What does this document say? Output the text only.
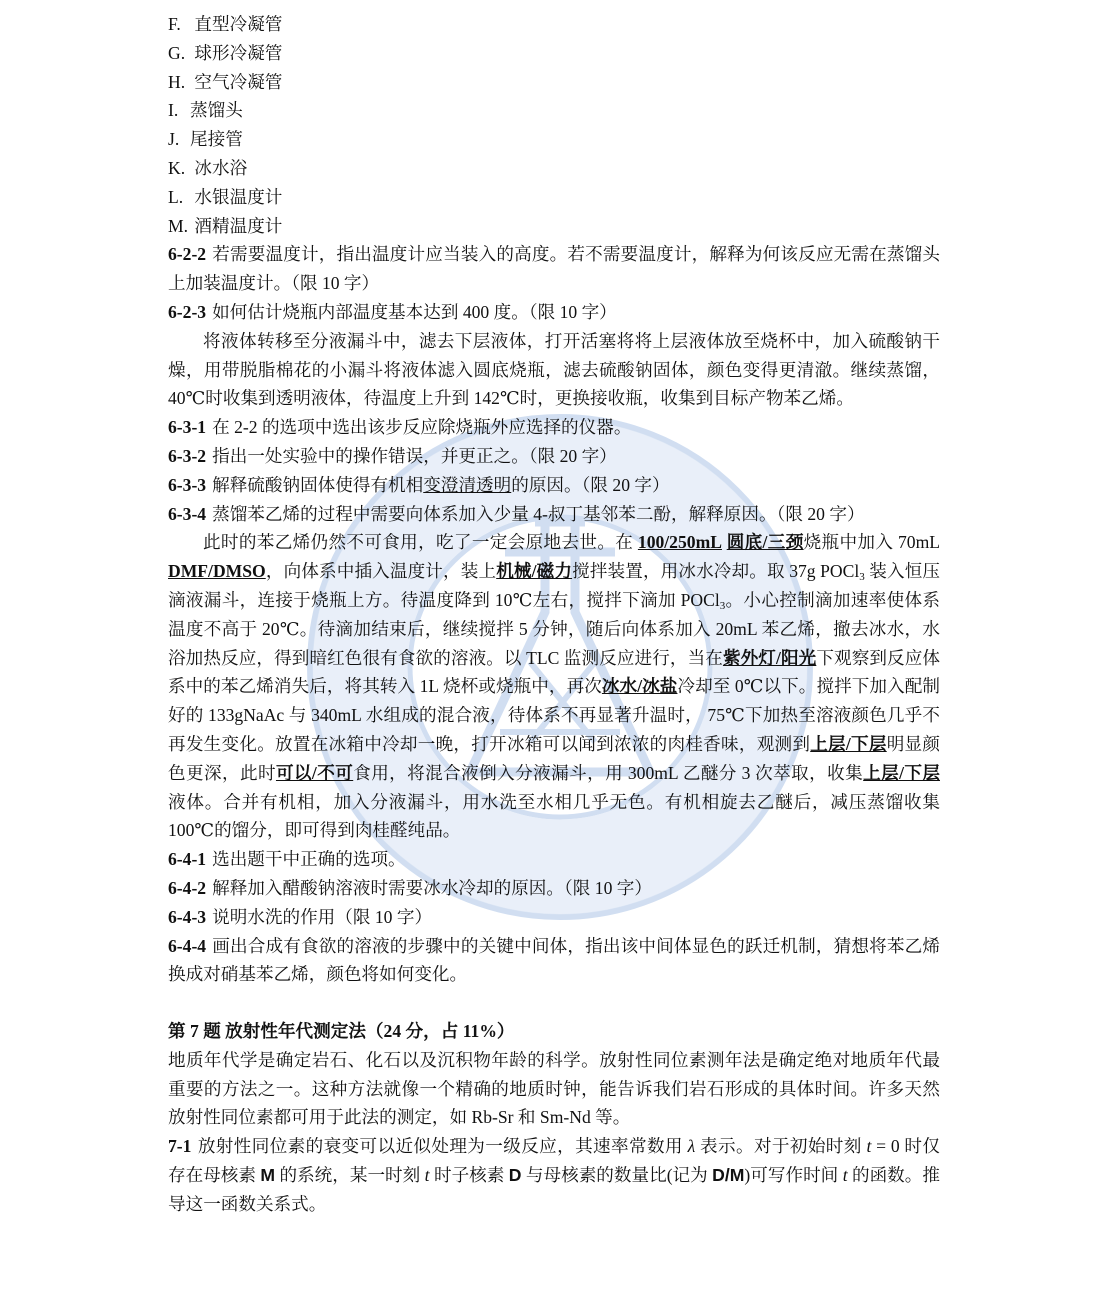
F. 直型冷凝管
G. 球形冷凝管
H. 空气冷凝管
I. 蒸馏头
J. 尾接管
K. 冰水浴
L. 水银温度计
M. 酒精温度计
6-2-2 若需要温度计，指出温度计应当装入的高度。若不需要温度计，解释为何该反应无需在蒸馏头上加装温度计。（限 10 字）
6-2-3 如何估计烧瓶内部温度基本达到 400 度。（限 10 字）
将液体转移至分液漏斗中，滤去下层液体，打开活塞将将上层液体放至烧杯中，加入硫酸钠干燥，用带脱脂棉花的小漏斗将液体滤入圆底烧瓶，滤去硫酸钠固体，颜色变得更清澈。继续蒸馏，40℃时收集到透明液体，待温度上升到 142℃时，更换接收瓶，收集到目标产物苯乙烯。
6-3-1 在 2-2 的选项中选出该步反应除烧瓶外应选择的仪器。
6-3-2 指出一处实验中的操作错误，并更正之。（限 20 字）
6-3-3 解释硫酸钠固体使得有机相变澄清透明的原因。（限 20 字）
6-3-4 蒸馏苯乙烯的过程中需要向体系加入少量 4-叔丁基邻苯二酚，解释原因。（限 20 字）
此时的苯乙烯仍然不可食用，吃了一定会原地去世。在 100/250mL 圆底/三颈烧瓶中加入 70mL DMF/DMSO，向体系中插入温度计，装上机械/磁力搅拌装置，用冰水冷却。取 37g POCl$_3$ 装入恒压滴液漏斗，连接于烧瓶上方。待温度降到 10℃左右，搅拌下滴加 POCl$_3$。小心控制滴加速率使体系温度不高于 20℃。待滴加结束后，继续搅拌 5 分钟，随后向体系加入 20mL 苯乙烯，撤去冰水，水浴加热反应，得到暗红色很有食欲的溶液。以 TLC 监测反应进行，当在紫外灯/阳光下观察到反应体系中的苯乙烯消失后，将其转入 1L 烧杯或烧瓶中，再次冰水/冰盐冷却至 0℃以下。搅拌下加入配制好的 133gNaAc 与 340mL 水组成的混合液，待体系不再显著升温时， 75℃下加热至溶液颜色几乎不再发生变化。放置在冰箱中冷却一晚，打开冰箱可以闻到浓浓的肉桂香味，观测到上层/下层明显颜色更深，此时可以/不可食用，将混合液倒入分液漏斗，用 300mL 乙醚分 3 次萃取，收集上层/下层液体。合并有机相，加入分液漏斗，用水洗至水相几乎无色。有机相旋去乙醚后，减压蒸馏收集 100℃的馏分，即可得到肉桂醛纯品。
6-4-1 选出题干中正确的选项。
6-4-2 解释加入醋酸钠溶液时需要冰水冷却的原因。（限 10 字）
6-4-3 说明水洗的作用（限 10 字）
6-4-4 画出合成有食欲的溶液的步骤中的关键中间体，指出该中间体显色的跃迁机制，猜想将苯乙烯换成对硝基苯乙烯，颜色将如何变化。
第 7 题 放射性年代测定法（24 分，占 11%）
地质年代学是确定岩石、化石以及沉积物年龄的科学。放射性同位素测年法是确定绝对地质年代最重要的方法之一。这种方法就像一个精确的地质时钟，能告诉我们岩石形成的具体时间。许多天然放射性同位素都可用于此法的测定，如 Rb-Sr 和 Sm-Nd 等。
7-1 放射性同位素的衰变可以近似处理为一级反应，其速率常数用 λ 表示。对于初始时刻 t = 0 时仅存在母核素 M 的系统，某一时刻 t 时子核素 D 与母核素的数量比(记为 D/M)可写作时间 t 的函数。推导这一函数关系式。
